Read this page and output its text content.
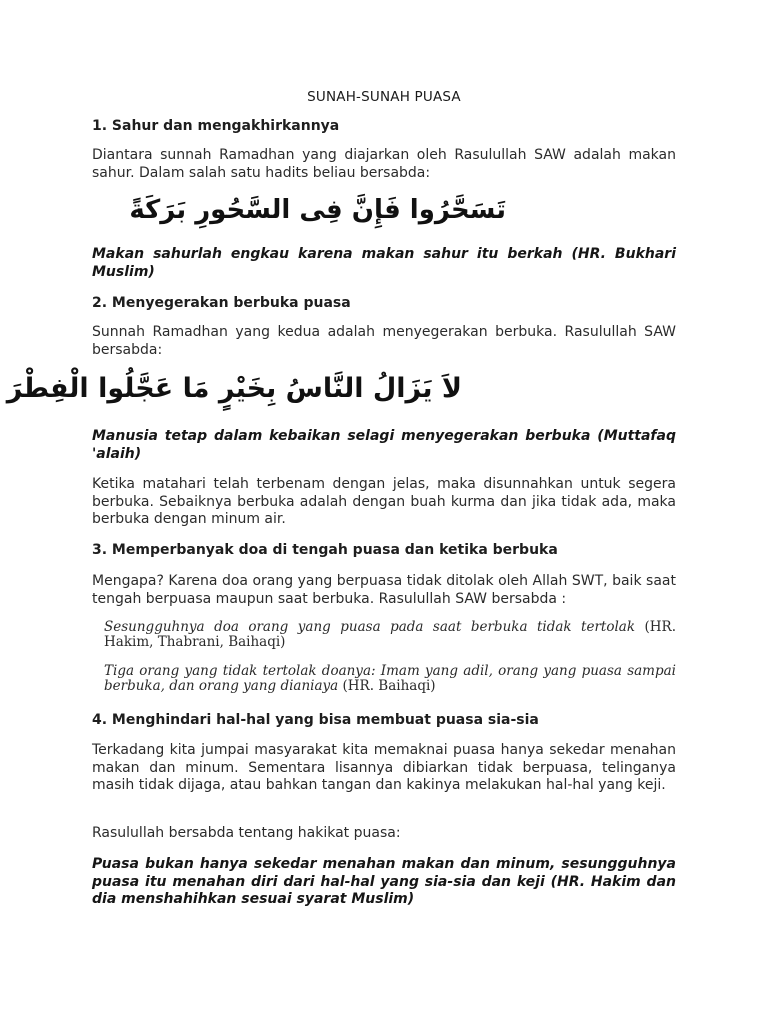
SUNAH-SUNAH PUASA
1. Sahur dan mengakhirkannya
Diantara sunnah Ramadhan yang diajarkan oleh Rasulullah SAW adalah makan sahur. Dalam salah satu hadits beliau bersabda:
تَسَحَّرُوا فَإِنَّ فِى السَّحُورِ بَرَكَةً
Makan sahurlah engkau karena makan sahur itu berkah (HR. Bukhari Muslim)
2. Menyegerakan berbuka puasa
Sunnah Ramadhan yang kedua adalah menyegerakan berbuka. Rasulullah SAW bersabda:
لاَ يَزَالُ النَّاسُ بِخَيْرٍ مَا عَجَّلُوا الْفِطْرَ
Manusia tetap dalam kebaikan selagi menyegerakan berbuka (Muttafaq 'alaih)
Ketika matahari telah terbenam dengan jelas, maka disunnahkan untuk segera berbuka. Sebaiknya berbuka adalah dengan buah kurma dan jika tidak ada, maka berbuka dengan minum air.
3. Memperbanyak doa di tengah puasa dan ketika berbuka
Mengapa? Karena doa orang yang berpuasa tidak ditolak oleh Allah SWT, baik saat tengah berpuasa maupun saat berbuka. Rasulullah SAW bersabda :
Sesungguhnya doa orang yang puasa pada saat berbuka tidak tertolak (HR. Hakim, Thabrani, Baihaqi)
Tiga orang yang tidak tertolak doanya: Imam yang adil, orang yang puasa sampai berbuka, dan orang yang dianiaya (HR. Baihaqi)
4. Menghindari hal-hal yang bisa membuat puasa sia-sia
Terkadang kita jumpai masyarakat kita memaknai puasa hanya sekedar menahan makan dan minum. Sementara lisannya dibiarkan tidak berpuasa, telinganya masih tidak dijaga, atau bahkan tangan dan kakinya melakukan hal-hal yang keji.
Rasulullah bersabda tentang hakikat puasa:
Puasa bukan hanya sekedar menahan makan dan minum, sesungguhnya puasa itu menahan diri dari hal-hal yang sia-sia dan keji (HR. Hakim dan dia menshahihkan sesuai syarat Muslim)
